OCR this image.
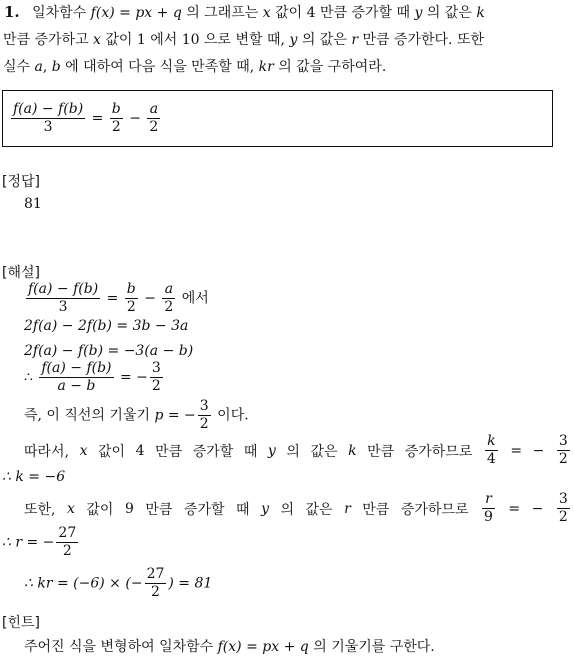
1. 일차함수 f(x) = px + q 의 그래프는 x 값이 4 만큼 증가할 때 y 의 값은 k
만큼 증가하고 x 값이 1 에서 10 으로 변할 때, y 의 값은 r 만큼 증가한다. 또한
실수 a, b 에 대하여 다음 식을 만족할 때, kr 의 값을 구하여라.
$\frac{f(a) - f(b)}{3} = \frac{b}{2} - \frac{a}{2}$
[정답]
81
[해설]
$\frac{f(a) - f(b)}{3} = \frac{b}{2} - \frac{a}{2}$ 에서
2f(a) − 2f(b) = 3b − 3a
2f(a) − f(b) = −3(a − b)
∴ $\frac{f(a) - f(b)}{a - b}$ = − $\frac{3}{2}$
즉, 이 직선의 기울기 p = − $\frac{3}{2}$ 이다.
따라서, x 값이 4 만큼 증가할 때 y 의 값은 k 만큼 증가하므로 $\frac{k}{4}$ = − $\frac{3}{2}$
∴ k = −6
또한, x 값이 9 만큼 증가할 때 y 의 값은 r 만큼 증가하므로 $\frac{r}{9}$ = − $\frac{3}{2}$
∴ r = − $\frac{27}{2}$
∴ kr = (−6) × (− $\frac{27}{2}$ ) = 81
[힌트]
주어진 식을 변형하여 일차함수 f(x) = px + q 의 기울기를 구한다.
